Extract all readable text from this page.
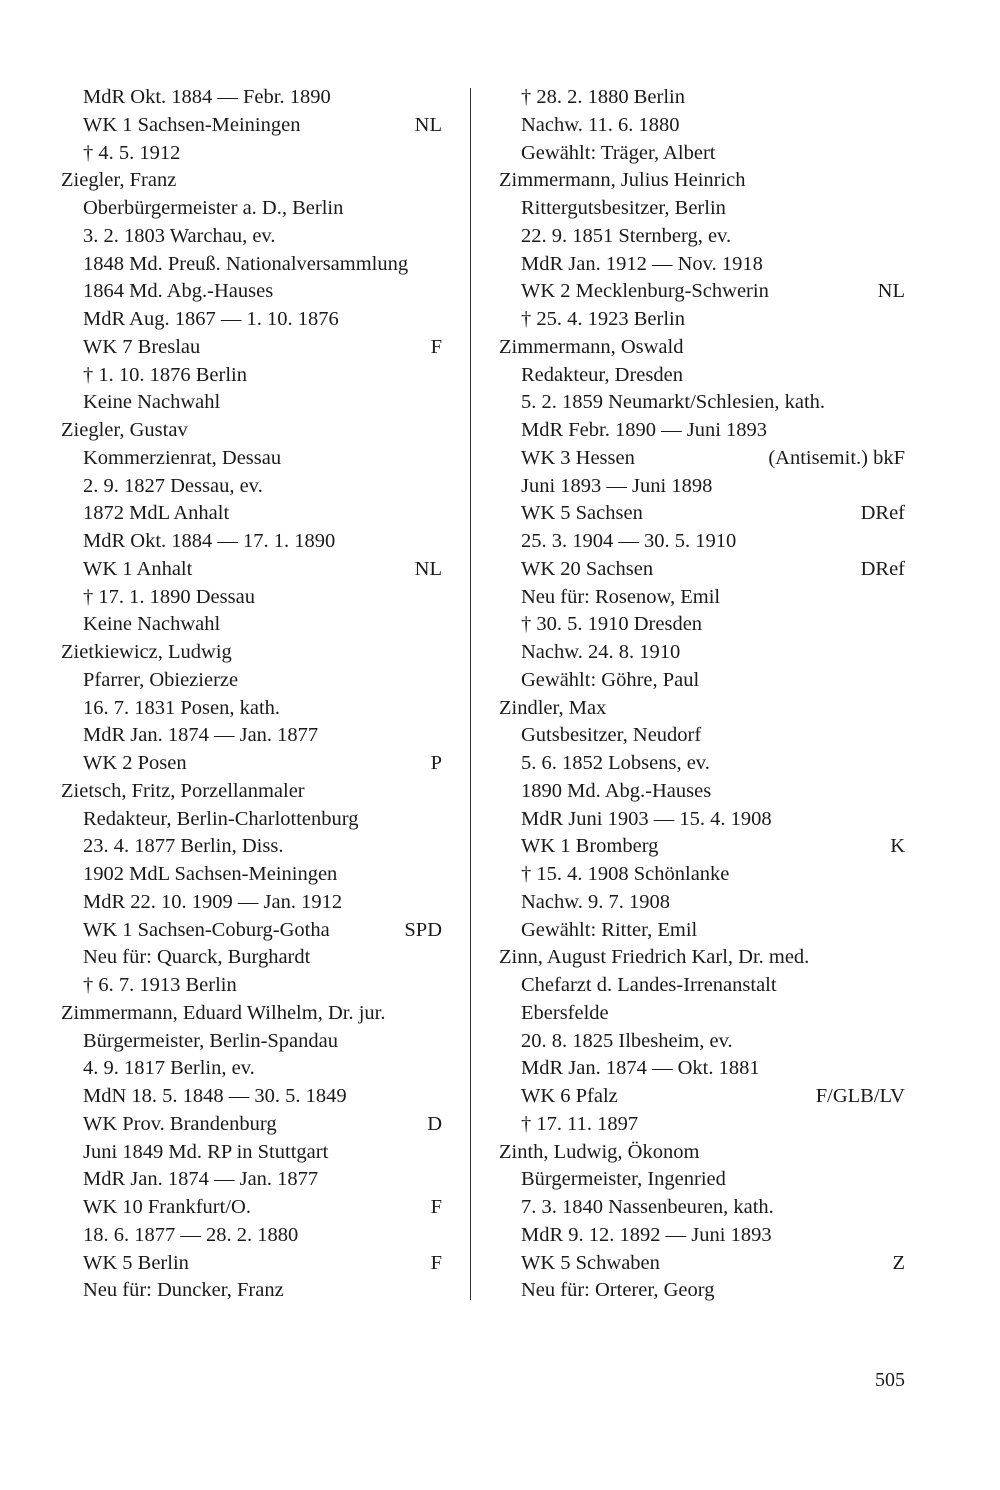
MdR Okt. 1884 — Febr. 1890
WK 1 Sachsen-Meiningen	NL
† 4. 5. 1912
Ziegler, Franz
Oberbürgermeister a. D., Berlin
3. 2. 1803 Warchau, ev.
1848 Md. Preuß. Nationalversammlung
1864 Md. Abg.-Hauses
MdR Aug. 1867 — 1. 10. 1876
WK 7 Breslau	F
† 1. 10. 1876 Berlin
Keine Nachwahl
Ziegler, Gustav
Kommerzienrat, Dessau
2. 9. 1827 Dessau, ev.
1872 MdL Anhalt
MdR Okt. 1884 — 17. 1. 1890
WK 1 Anhalt	NL
† 17. 1. 1890 Dessau
Keine Nachwahl
Zietkiewicz, Ludwig
Pfarrer, Obiezierze
16. 7. 1831 Posen, kath.
MdR Jan. 1874 — Jan. 1877
WK 2 Posen	P
Zietsch, Fritz, Porzellanmaler
Redakteur, Berlin-Charlottenburg
23. 4. 1877 Berlin, Diss.
1902 MdL Sachsen-Meiningen
MdR 22. 10. 1909 — Jan. 1912
WK 1 Sachsen-Coburg-Gotha	SPD
Neu für: Quarck, Burghardt
† 6. 7. 1913 Berlin
Zimmermann, Eduard Wilhelm, Dr. jur.
Bürgermeister, Berlin-Spandau
4. 9. 1817 Berlin, ev.
MdN 18. 5. 1848 — 30. 5. 1849
WK Prov. Brandenburg	D
Juni 1849 Md. RP in Stuttgart
MdR Jan. 1874 — Jan. 1877
WK 10 Frankfurt/O.	F
18. 6. 1877 — 28. 2. 1880
WK 5 Berlin	F
Neu für: Duncker, Franz
† 28. 2. 1880 Berlin
Nachw. 11. 6. 1880
Gewählt: Träger, Albert
Zimmermann, Julius Heinrich
Rittergutsbesitzer, Berlin
22. 9. 1851 Sternberg, ev.
MdR Jan. 1912 — Nov. 1918
WK 2 Mecklenburg-Schwerin	NL
† 25. 4. 1923 Berlin
Zimmermann, Oswald
Redakteur, Dresden
5. 2. 1859 Neumarkt/Schlesien, kath.
MdR Febr. 1890 — Juni 1893
WK 3 Hessen	(Antisemit.) bkF
Juni 1893 — Juni 1898
WK 5 Sachsen	DRef
25. 3. 1904 — 30. 5. 1910
WK 20 Sachsen	DRef
Neu für: Rosenow, Emil
† 30. 5. 1910 Dresden
Nachw. 24. 8. 1910
Gewählt: Göhre, Paul
Zindler, Max
Gutsbesitzer, Neudorf
5. 6. 1852 Lobsens, ev.
1890 Md. Abg.-Hauses
MdR Juni 1903 — 15. 4. 1908
WK 1 Bromberg	K
† 15. 4. 1908 Schönlanke
Nachw. 9. 7. 1908
Gewählt: Ritter, Emil
Zinn, August Friedrich Karl, Dr. med.
Chefarzt d. Landes-Irrenanstalt
Ebersfelde
20. 8. 1825 Ilbesheim, ev.
MdR Jan. 1874 — Okt. 1881
WK 6 Pfalz	F/GLB/LV
† 17. 11. 1897
Zinth, Ludwig, Ökonom
Bürgermeister, Ingenried
7. 3. 1840 Nassenbeuren, kath.
MdR 9. 12. 1892 — Juni 1893
WK 5 Schwaben	Z
Neu für: Orterer, Georg
505
